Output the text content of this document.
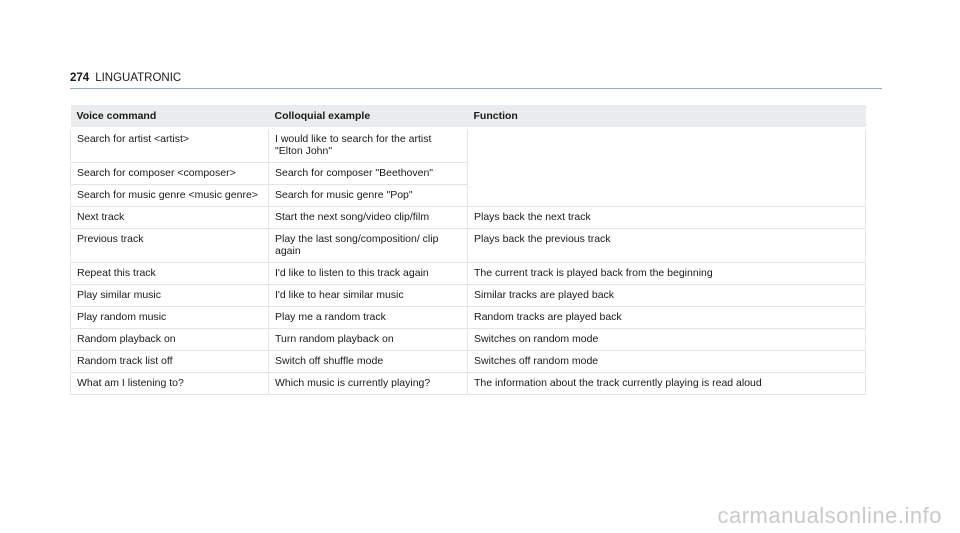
274 LINGUATRONIC
Voice command	Colloquial example	Function
Search for artist <artist>	I would like to search for the artist "Elton John"	
Search for composer <composer>	Search for composer "Beethoven"	
Search for music genre <music genre>	Search for music genre "Pop"	
Next track	Start the next song/video clip/film	Plays back the next track
Previous track	Play the last song/composition/ clip again	Plays back the previous track
Repeat this track	I'd like to listen to this track again	The current track is played back from the beginning
Play similar music	I'd like to hear similar music	Similar tracks are played back
Play random music	Play me a random track	Random tracks are played back
Random playback on	Turn random playback on	Switches on random mode
Random track list off	Switch off shuffle mode	Switches off random mode
What am I listening to?	Which music is currently playing?	The information about the track currently playing is read aloud
carmanualsonline.info
